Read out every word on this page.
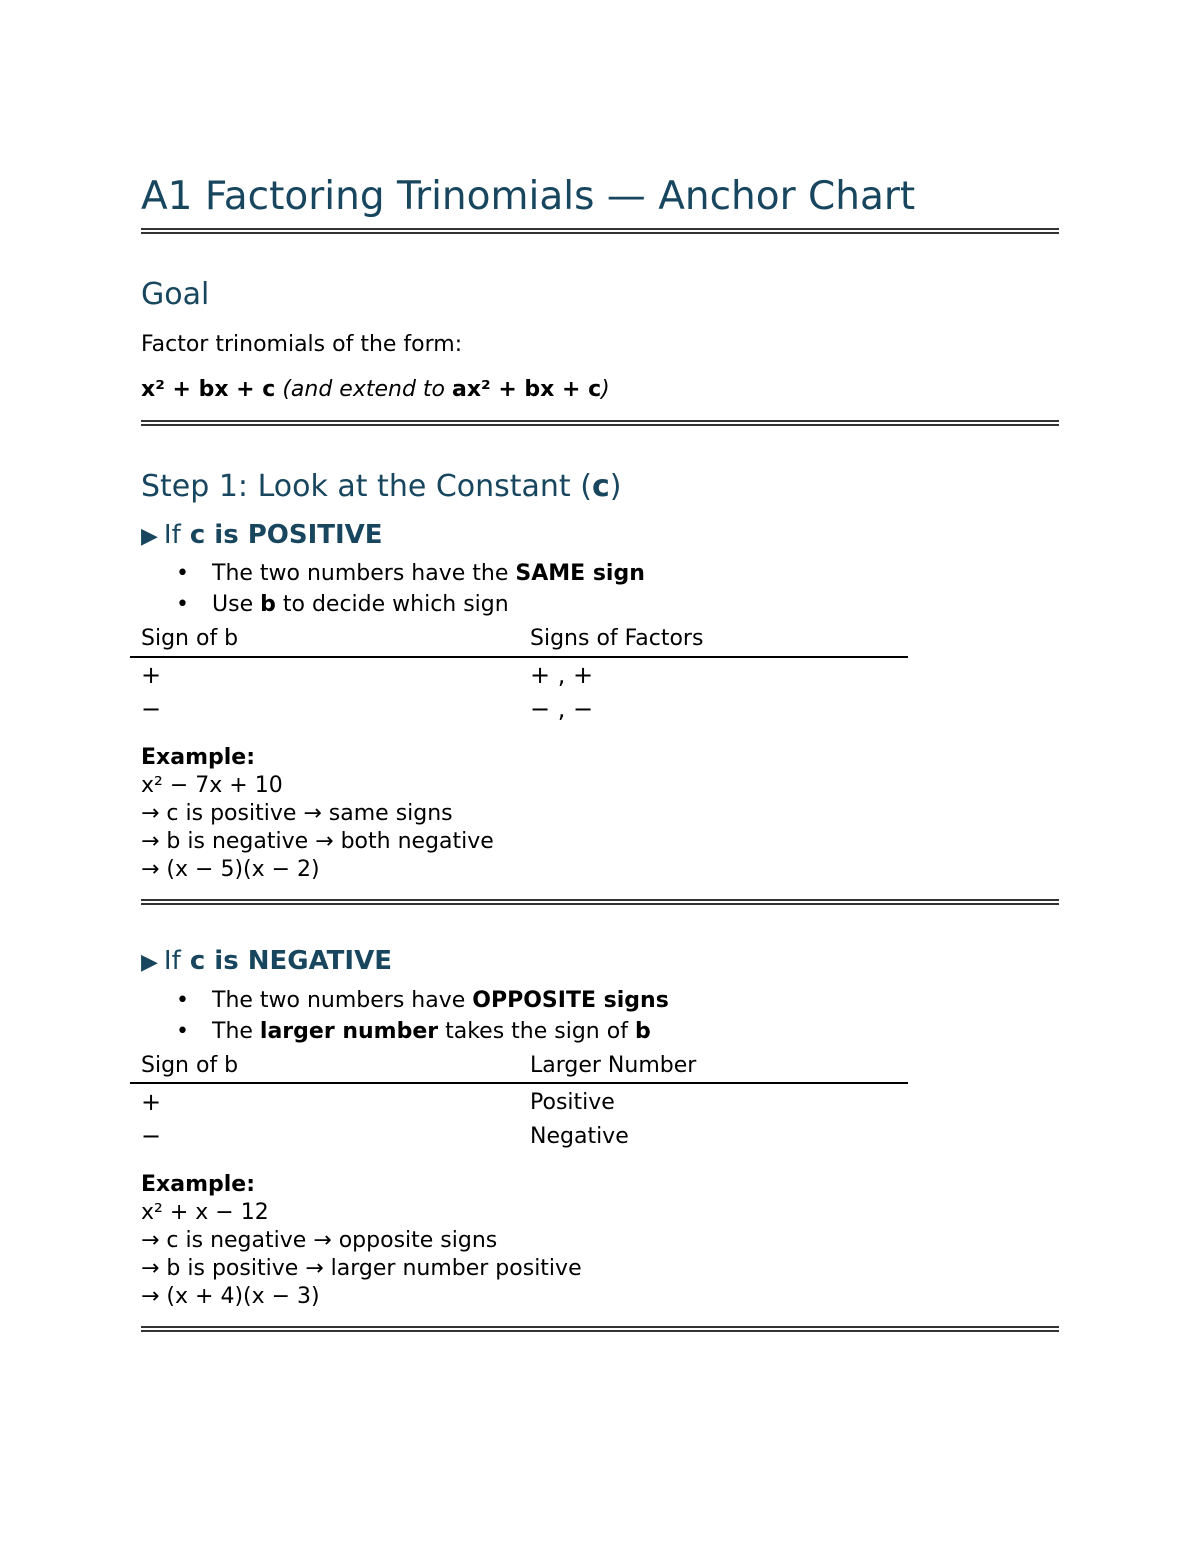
A1 Factoring Trinomials — Anchor Chart
Goal
Factor trinomials of the form:
x² + bx + c (and extend to ax² + bx + c)
Step 1: Look at the Constant (c)
▶ If c is POSITIVE
• The two numbers have the SAME sign
• Use b to decide which sign
Sign of b	Signs of Factors
+	+ , +
−	− , −
Example:
x² − 7x + 10
→ c is positive → same signs
→ b is negative → both negative
→ (x − 5)(x − 2)
▶ If c is NEGATIVE
• The two numbers have OPPOSITE signs
• The larger number takes the sign of b
Sign of b	Larger Number
+	Positive
−	Negative
Example:
x² + x − 12
→ c is negative → opposite signs
→ b is positive → larger number positive
→ (x + 4)(x − 3)
